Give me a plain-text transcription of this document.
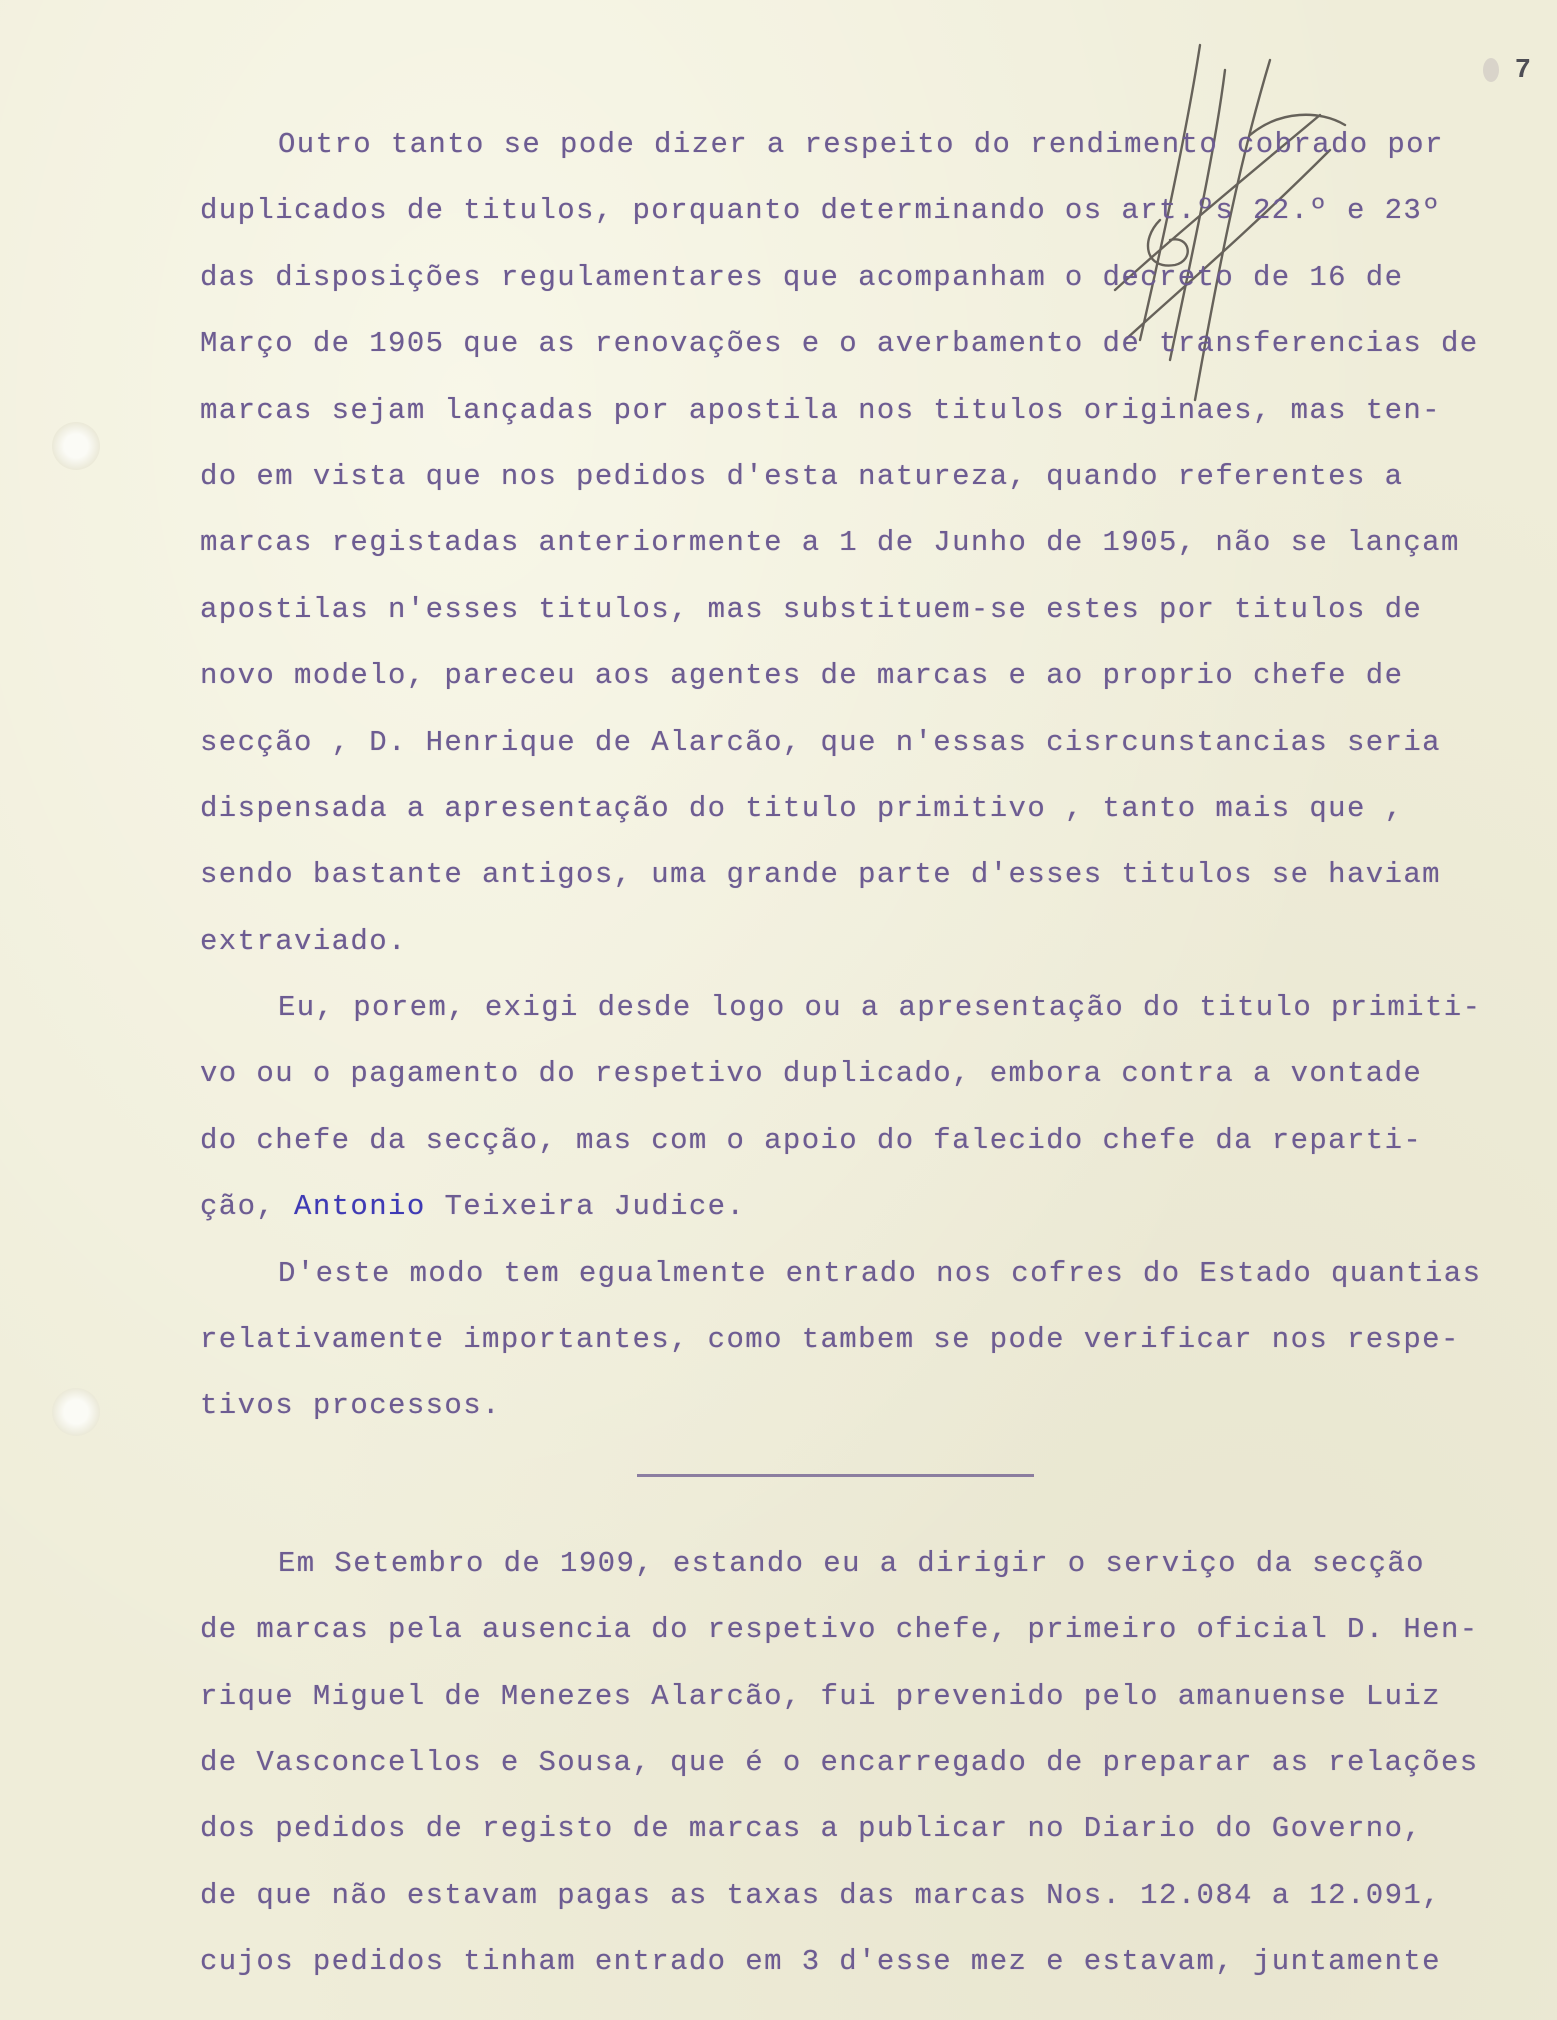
7
Outro tanto se pode dizer a respeito do rendimento cobrado por
duplicados de titulos, porquanto determinando os art.ºs 22.º e 23º
das disposições regulamentares que acompanham o decreto de 16 de
Março de 1905 que as renovações e o averbamento de transferencias de
marcas sejam lançadas por apostila nos titulos originaes, mas ten-
do em vista que nos pedidos d'esta natureza, quando referentes a
marcas registadas anteriormente a 1 de Junho de 1905, não se lançam
apostilas n'esses titulos, mas substituem-se estes por titulos de
novo modelo, pareceu aos agentes de marcas e ao proprio chefe de
secção , D. Henrique de Alarcão, que n'essas cisrcunstancias seria
dispensada a apresentação do titulo primitivo , tanto mais que ,
sendo bastante antigos, uma grande parte d'esses titulos se haviam
extraviado.
Eu, porem, exigi desde logo ou a apresentação do titulo primiti-
vo ou o pagamento do respetivo duplicado, embora contra a vontade
do chefe da secção, mas com o apoio do falecido chefe da reparti-
ção, Antonio Teixeira Judice.
D'este modo tem egualmente entrado nos cofres do Estado quantias
relativamente importantes, como tambem se pode verificar nos respe-
tivos processos.
Em Setembro de 1909, estando eu a dirigir o serviço da secção
de marcas pela ausencia do respetivo chefe, primeiro oficial D. Hen-
rique Miguel de Menezes Alarcão, fui prevenido pelo amanuense Luiz
de Vasconcellos e Sousa, que é o encarregado de preparar as relações
dos pedidos de registo de marcas a publicar no Diario do Governo,
de que não estavam pagas as taxas das marcas Nos. 12.084 a 12.091,
cujos pedidos tinham entrado em 3 d'esse mez e estavam, juntamente
